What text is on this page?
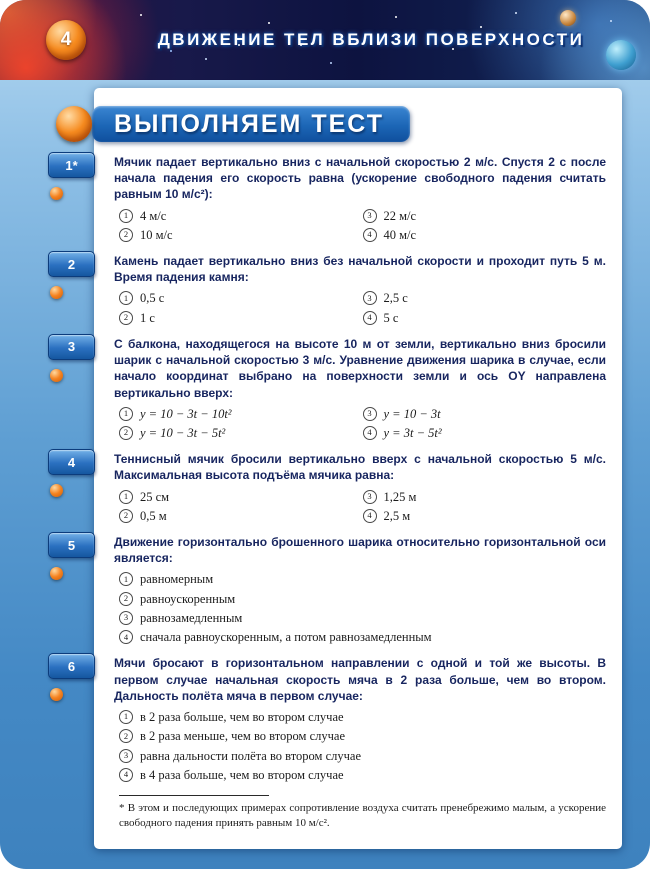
4	ДВИЖЕНИЕ ТЕЛ ВБЛИЗИ ПОВЕРХНОСТИ
ВЫПОЛНЯЕМ ТЕСТ
1*	Мячик падает вертикально вниз с начальной скоростью 2 м/с. Спустя 2 с после начала падения его скорость равна (ускорение свободного падения считать равным 10 м/с²):

1 4 м/с
2 10 м/с
3 22 м/с
4 40 м/с
2	Камень падает вертикально вниз без начальной скорости и проходит путь 5 м. Время падения камня:

1 0,5 с
2 1 с
3 2,5 с
4 5 с
3	С балкона, находящегося на высоте 10 м от земли, вертикально вниз бросили шарик с начальной скоростью 3 м/с. Уравнение движения шарика в случае, если начало координат выбрано на поверхности земли и ось OY направлена вертикально вверх:

1 y = 10 − 3t − 10t²
2 y = 10 − 3t − 5t²
3 y = 10 − 3t
4 y = 3t − 5t²
4	Теннисный мячик бросили вертикально вверх с начальной скоростью 5 м/с. Максимальная высота подъёма мячика равна:

1 25 см
2 0,5 м
3 1,25 м
4 2,5 м
5	Движение горизонтально брошенного шарика относительно горизонтальной оси является:

1 равномерным
2 равноускоренным
3 равнозамедленным
4 сначала равноускоренным, а потом равнозамедленным
6	Мячи бросают в горизонтальном направлении с одной и той же высоты. В первом случае начальная скорость мяча в 2 раза больше, чем во втором. Дальность полёта мяча в первом случае:

1 в 2 раза больше, чем во втором случае
2 в 2 раза меньше, чем во втором случае
3 равна дальности полёта во втором случае
4 в 4 раза больше, чем во втором случае

* В этом и последующих примерах сопротивление воздуха считать пренебрежимо малым, а ускорение свободного падения принять равным 10 м/с².
